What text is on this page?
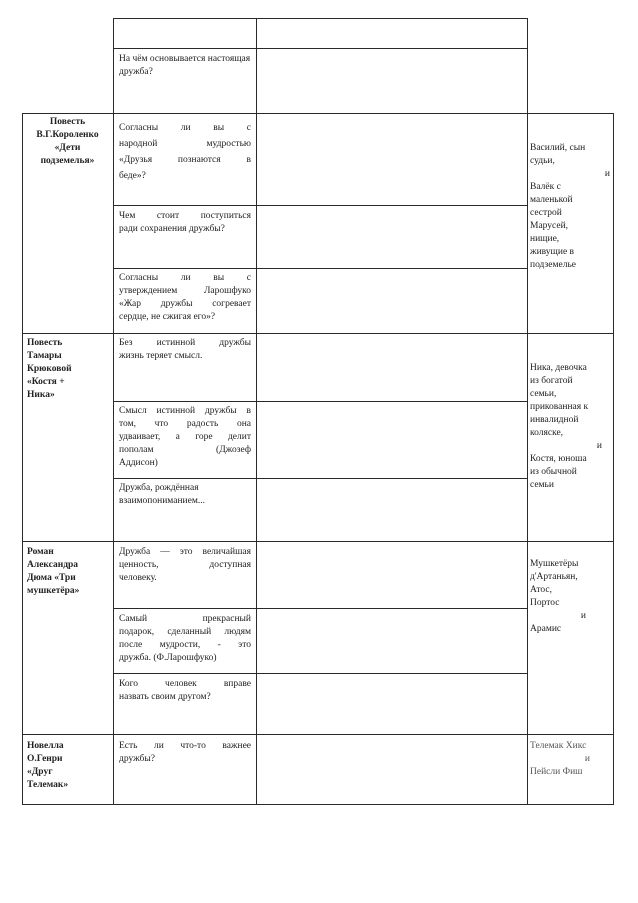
На чём основывается настоящая дружба?
Повесть
В.Г.Короленко
«Дети
подземелья»
Согласны ли вы с
народной мудростью
«Друзья познаются в
беде»?
Чем стоит поступиться
ради сохранения дружбы?
Согласны ли вы с
утверждением Ларошфуко
«Жар дружбы согревает
сердце, не сжигая его»?
Василий, сын
судьи,
и
Валёк с
маленькой
сестрой
Марусей,
нищие,
живущие в
подземелье
Повесть
Тамары
Крюковой
«Костя +
Ника»
Без истинной дружбы
жизнь теряет смысл.
Смысл истинной дружбы в
том, что радость она
удваивает, а горе делит
пополам (Джозеф
Аддисон)
Дружба, рождённая
взаимопониманием...
Ника, девочка
из богатой
семьи,
прикованная к
инвалидной
коляске,
и
Костя, юноша
из обычной
семьи
Роман
Александра
Дюма «Три
мушкетёра»
Дружба — это величайшая
ценность, доступная
человеку.
Самый прекрасный
подарок, сделанный людям
после мудрости, - это
дружба. (Ф.Ларошфуко)
Кого человек вправе
назвать своим другом?
Мушкетёры
д'Артаньян,
Атос,
Портос
и
Арамис
Новелла
О.Генри
«Друг
Телемак»
Есть ли что-то важнее
дружбы?
Телемак Хикс
и
Пейсли Фиш
